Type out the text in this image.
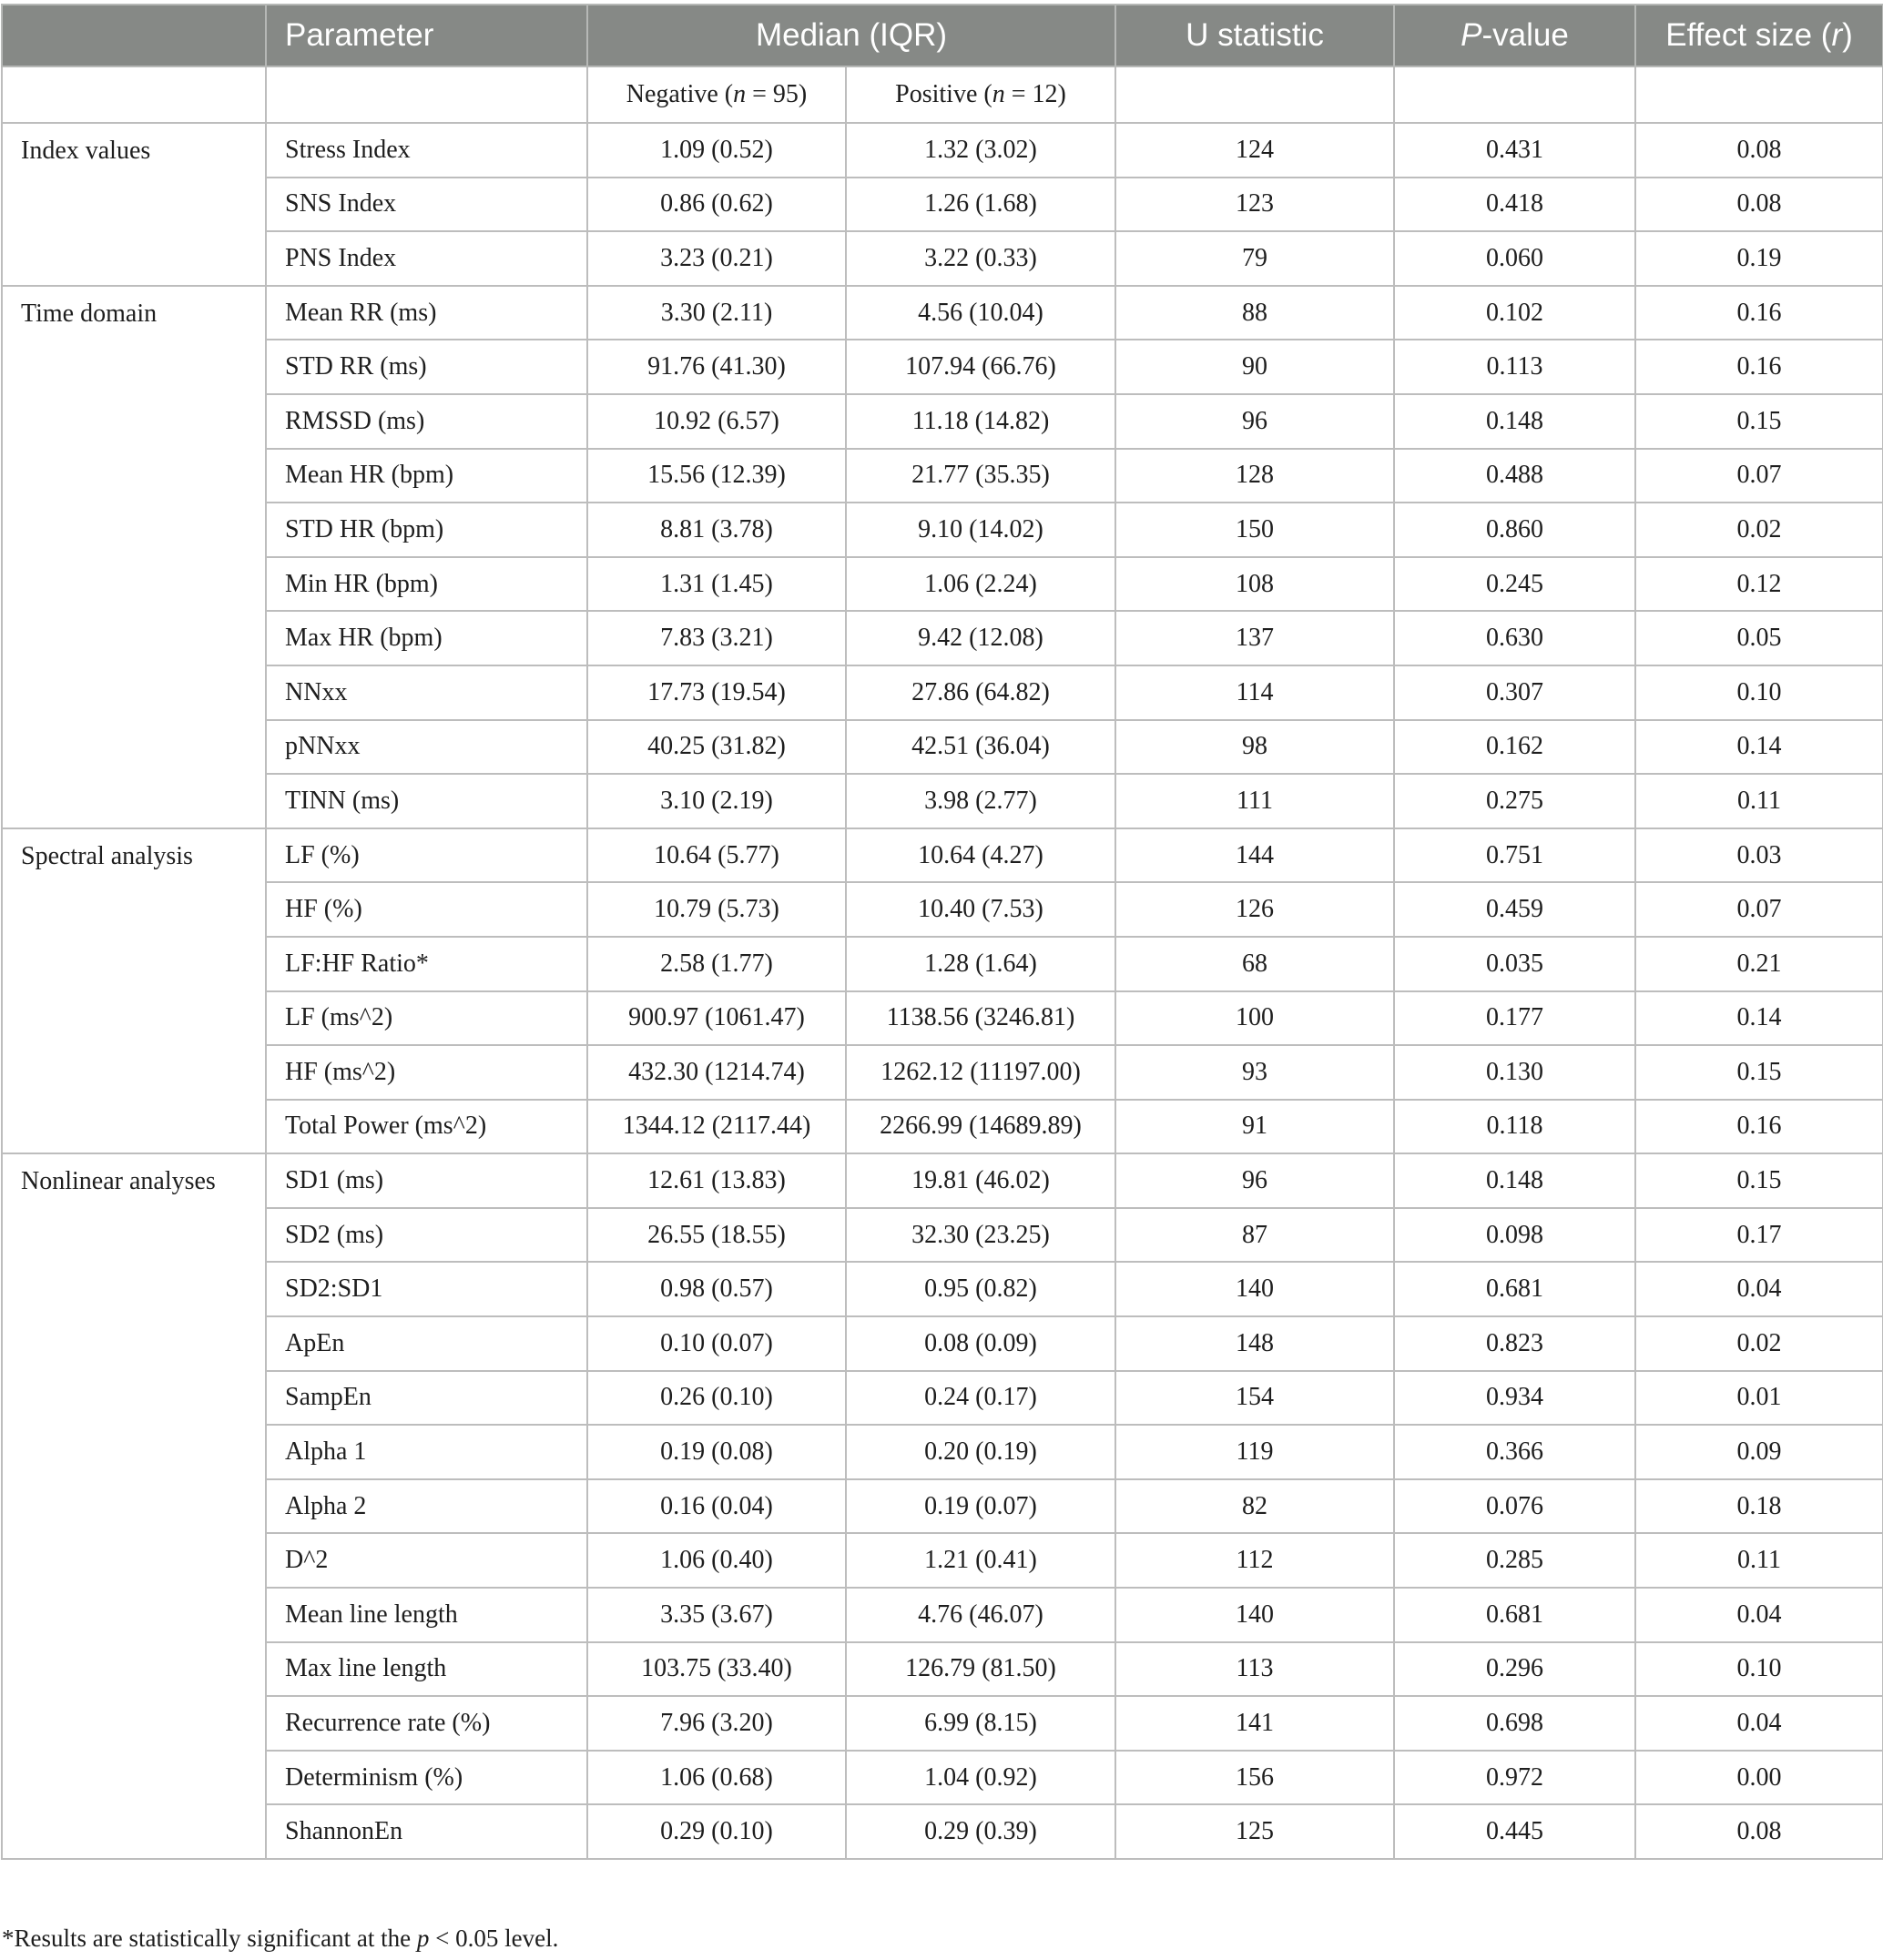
	Parameter	Median (IQR)		U statistic	P-value	Effect size (r)
		Negative (n = 95)	Positive (n = 12)			
Index values	Stress Index	1.09 (0.52)	1.32 (3.02)	124	0.431	0.08
	SNS Index	0.86 (0.62)	1.26 (1.68)	123	0.418	0.08
	PNS Index	3.23 (0.21)	3.22 (0.33)	79	0.060	0.19
Time domain	Mean RR (ms)	3.30 (2.11)	4.56 (10.04)	88	0.102	0.16
	STD RR (ms)	91.76 (41.30)	107.94 (66.76)	90	0.113	0.16
	RMSSD (ms)	10.92 (6.57)	11.18 (14.82)	96	0.148	0.15
	Mean HR (bpm)	15.56 (12.39)	21.77 (35.35)	128	0.488	0.07
	STD HR (bpm)	8.81 (3.78)	9.10 (14.02)	150	0.860	0.02
	Min HR (bpm)	1.31 (1.45)	1.06 (2.24)	108	0.245	0.12
	Max HR (bpm)	7.83 (3.21)	9.42 (12.08)	137	0.630	0.05
	NNxx	17.73 (19.54)	27.86 (64.82)	114	0.307	0.10
	pNNxx	40.25 (31.82)	42.51 (36.04)	98	0.162	0.14
	TINN (ms)	3.10 (2.19)	3.98 (2.77)	111	0.275	0.11
Spectral analysis	LF (%)	10.64 (5.77)	10.64 (4.27)	144	0.751	0.03
	HF (%)	10.79 (5.73)	10.40 (7.53)	126	0.459	0.07
	LF:HF Ratio*	2.58 (1.77)	1.28 (1.64)	68	0.035	0.21
	LF (ms^2)	900.97 (1061.47)	1138.56 (3246.81)	100	0.177	0.14
	HF (ms^2)	432.30 (1214.74)	1262.12 (11197.00)	93	0.130	0.15
	Total Power (ms^2)	1344.12 (2117.44)	2266.99 (14689.89)	91	0.118	0.16
Nonlinear analyses	SD1 (ms)	12.61 (13.83)	19.81 (46.02)	96	0.148	0.15
	SD2 (ms)	26.55 (18.55)	32.30 (23.25)	87	0.098	0.17
	SD2:SD1	0.98 (0.57)	0.95 (0.82)	140	0.681	0.04
	ApEn	0.10 (0.07)	0.08 (0.09)	148	0.823	0.02
	SampEn	0.26 (0.10)	0.24 (0.17)	154	0.934	0.01
	Alpha 1	0.19 (0.08)	0.20 (0.19)	119	0.366	0.09
	Alpha 2	0.16 (0.04)	0.19 (0.07)	82	0.076	0.18
	D^2	1.06 (0.40)	1.21 (0.41)	112	0.285	0.11
	Mean line length	3.35 (3.67)	4.76 (46.07)	140	0.681	0.04
	Max line length	103.75 (33.40)	126.79 (81.50)	113	0.296	0.10
	Recurrence rate (%)	7.96 (3.20)	6.99 (8.15)	141	0.698	0.04
	Determinism (%)	1.06 (0.68)	1.04 (0.92)	156	0.972	0.00
	ShannonEn	0.29 (0.10)	0.29 (0.39)	125	0.445	0.08
*Results are statistically significant at the p < 0.05 level.
